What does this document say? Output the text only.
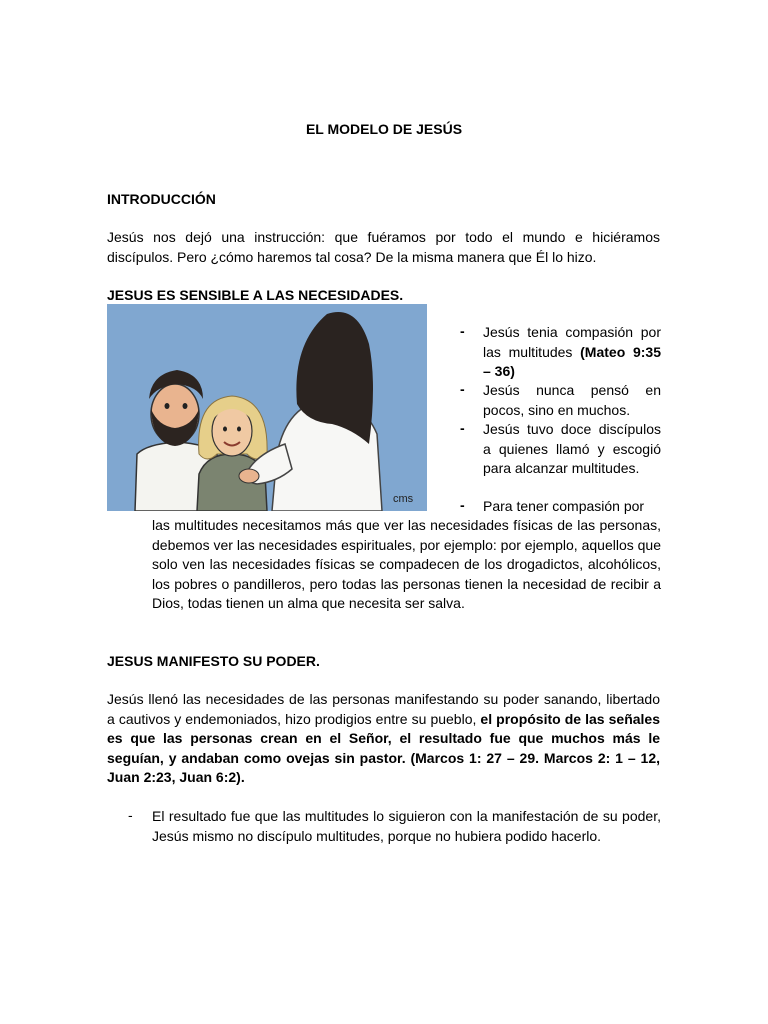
EL MODELO DE JESÚS
INTRODUCCIÓN
Jesús nos dejó una instrucción: que fuéramos por todo el mundo e hiciéramos
discípulos. Pero ¿cómo haremos tal cosa? De la misma manera que Él lo hizo.
JESUS ES SENSIBLE A LAS NECESIDADES.
cms
- Jesús tenia compasión por las multitudes (Mateo 9:35 – 36)
- Jesús nunca pensó en pocos, sino en muchos.
- Jesús tuvo doce discípulos a quienes llamó y escogió para alcanzar multitudes.
- Para tener compasión por
las multitudes necesitamos más que ver las necesidades físicas de las personas, debemos ver las necesidades espirituales, por ejemplo: por ejemplo, aquellos que solo ven las necesidades físicas se compadecen de los drogadictos, alcohólicos, los pobres o pandilleros, pero todas las personas tienen la necesidad de recibir a Dios, todas tienen un alma que necesita ser salva.
JESUS MANIFESTO SU PODER.
Jesús llenó las necesidades de las personas manifestando su poder sanando, libertado a cautivos y endemoniados, hizo prodigios entre su pueblo, el propósito de las señales es que las personas crean en el Señor, el resultado fue que muchos más le seguían, y andaban como ovejas sin pastor. (Marcos 1: 27 – 29. Marcos 2: 1 – 12, Juan 2:23, Juan 6:2).
- El resultado fue que las multitudes lo siguieron con la manifestación de su poder, Jesús mismo no discípulo multitudes, porque no hubiera podido hacerlo.
